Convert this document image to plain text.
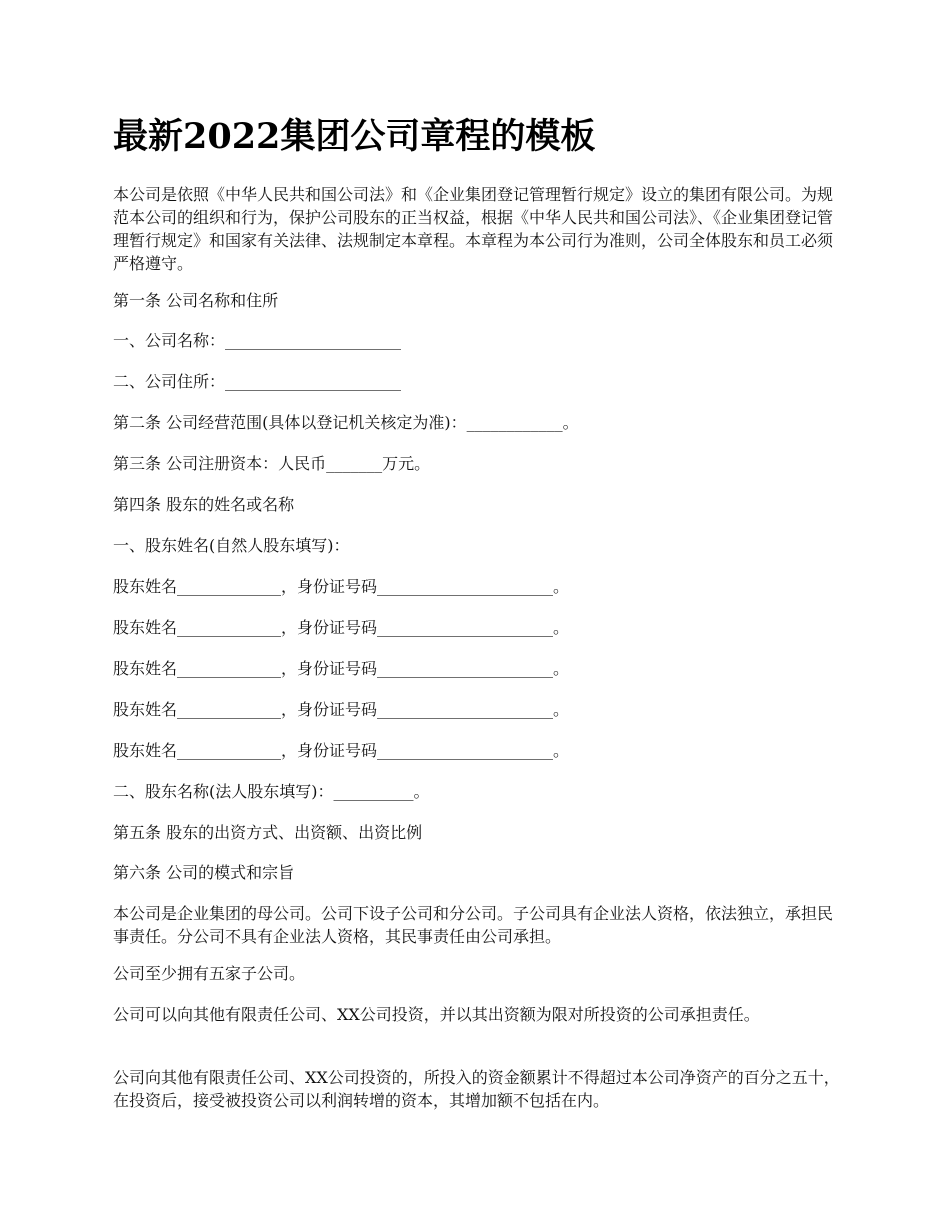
最新2022集团公司章程的模板

本公司是依照《中华人民共和国公司法》和《企业集团登记管理暂行规定》设立的集团有限公司。为规范本公司的组织和行为，保护公司股东的正当权益，根据《中华人民共和国公司法》、《企业集团登记管理暂行规定》和国家有关法律、法规制定本章程。本章程为本公司行为准则，公司全体股东和员工必须严格遵守。

第一条 公司名称和住所

一、公司名称：______________________

二、公司住所：______________________

第二条 公司经营范围(具体以登记机关核定为准)：____________。

第三条 公司注册资本：人民币_______万元。

第四条 股东的姓名或名称

一、股东姓名(自然人股东填写)：

股东姓名_____________，身份证号码______________________。

股东姓名_____________，身份证号码______________________。

股东姓名_____________，身份证号码______________________。

股东姓名_____________，身份证号码______________________。

股东姓名_____________，身份证号码______________________。

二、股东名称(法人股东填写)：__________。

第五条 股东的出资方式、出资额、出资比例

第六条 公司的模式和宗旨

本公司是企业集团的母公司。公司下设子公司和分公司。子公司具有企业法人资格，依法独立，承担民事责任。分公司不具有企业法人资格，其民事责任由公司承担。

公司至少拥有五家子公司。

公司可以向其他有限责任公司、XX公司投资，并以其出资额为限对所投资的公司承担责任。

公司向其他有限责任公司、XX公司投资的，所投入的资金额累计不得超过本公司净资产的百分之五十，在投资后，接受被投资公司以利润转增的资本，其增加额不包括在内。
